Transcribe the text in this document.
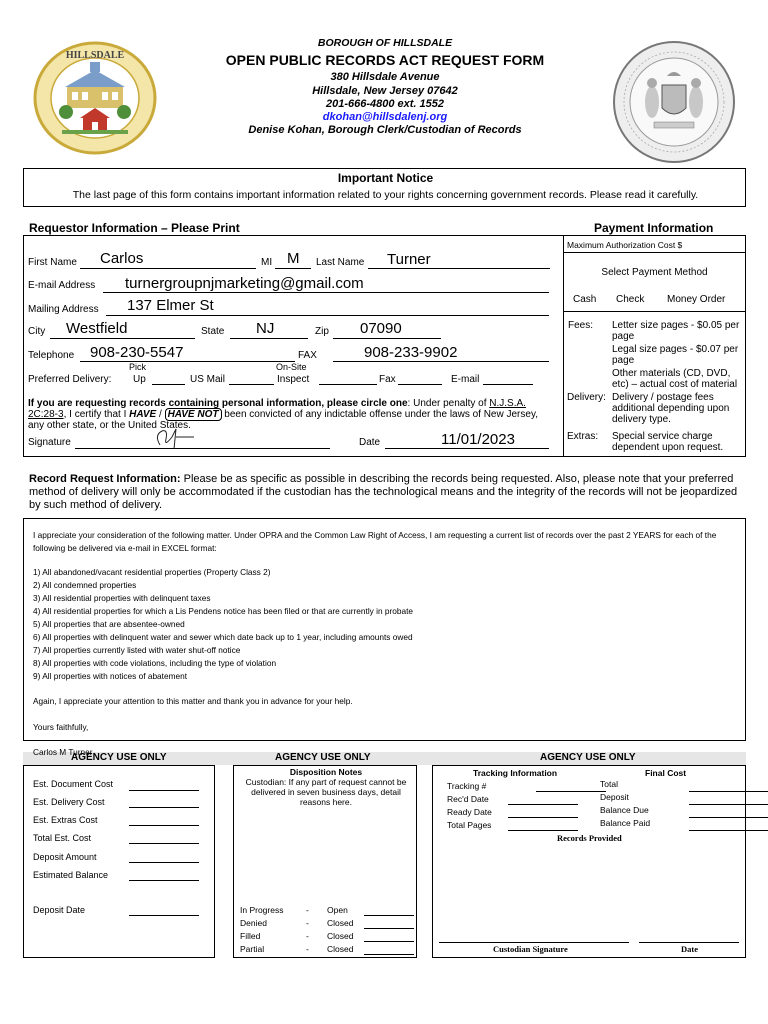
HILLSDALE
BOROUGH OF HILLSDALE
OPEN PUBLIC RECORDS ACT REQUEST FORM
380 Hillsdale Avenue
Hillsdale, New Jersey 07642
201-666-4800 ext. 1552
dkohan@hillsdalenj.org
Denise Kohan, Borough Clerk/Custodian of Records
Important Notice
The last page of this form contains important information related to your rights concerning government records. Please read it carefully.
Requestor Information – Please Print	Payment Information
First Name Carlos	MI M Last Name Turner
E-mail Address turnergroupnjmarketing@gmail.com
Mailing Address 137 Elmer St
City Westfield	State NJ	Zip 07090
Telephone 908-230-5547	FAX	908-233-9902
Pick	On-Site
Preferred Delivery: Up	US Mail	Inspect	Fax	E-mail
If you are requesting records containing personal information, please circle one: Under penalty of N.J.S.A.
2C:28-3, I certify that I HAVE / HAVE NOT been convicted of any indictable offense under the laws of New Jersey, any other state, or the United States.
Signature	Date	11/01/2023
Maximum Authorization Cost $
Select Payment Method
Cash Check Money Order
Fees: Letter size pages - $0.05 per page
Legal size pages - $0.07 per page
Other materials (CD, DVD, etc) – actual cost of material
Delivery: Delivery / postage fees additional depending upon delivery type.
Extras: Special service charge dependent upon request.
Record Request Information: Please be as specific as possible in describing the records being requested. Also, please note that your preferred method of delivery will only be accommodated if the custodian has the technological means and the integrity of the records will not be jeopardized by such method of delivery.
I appreciate your consideration of the following matter. Under OPRA and the Common Law Right of Access, I am requesting a current list of records over the past 2 YEARS for each of the following be delivered via e-mail in EXCEL format:
1) All abandoned/vacant residential properties (Property Class 2)
2) All condemned properties
3) All residential properties with delinquent taxes
4) All residential properties for which a Lis Pendens notice has been filed or that are currently in probate
5) All properties that are absentee-owned
6) All properties with delinquent water and sewer which date back up to 1 year, including amounts owed
7) All properties currently listed with water shut-off notice
8) All properties with code violations, including the type of violation
9) All properties with notices of abatement
Again, I appreciate your attention to this matter and thank you in advance for your help.
Yours faithfully,
Carlos M Turner
AGENCY USE ONLY	AGENCY USE ONLY	AGENCY USE ONLY
Est. Document Cost
Est. Delivery Cost
Est. Extras Cost
Total Est. Cost
Deposit Amount
Estimated Balance
Deposit Date
Disposition Notes
Custodian: If any part of request cannot be delivered in seven business days, detail reasons here.
In Progress	- Open
Denied	- Closed
Filled	- Closed
Partial	- Closed
Tracking Information	Final Cost
Tracking #
Rec'd Date
Ready Date
Total Pages
Total
Deposit
Balance Due
Balance Paid
Records Provided
Custodian Signature	Date
